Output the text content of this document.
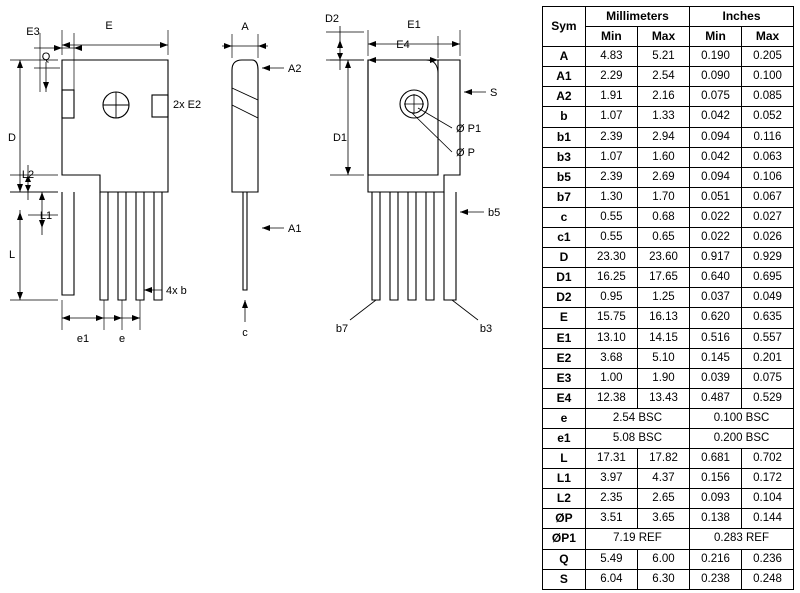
E
E3
Q
2x E2
D
L2
L1
L
4x b
e1	e
A
A2
A1
c
D2	E1
E4
S
D1
Ø P1
Ø P
b5
b7	b3
Sym	Millimeters		Inches	
	Min	Max	Min	Max
A	4.83	5.21	0.190	0.205
A1	2.29	2.54	0.090	0.100
A2	1.91	2.16	0.075	0.085
b	1.07	1.33	0.042	0.052
b1	2.39	2.94	0.094	0.116
b3	1.07	1.60	0.042	0.063
b5	2.39	2.69	0.094	0.106
b7	1.30	1.70	0.051	0.067
c	0.55	0.68	0.022	0.027
c1	0.55	0.65	0.022	0.026
D	23.30	23.60	0.917	0.929
D1	16.25	17.65	0.640	0.695
D2	0.95	1.25	0.037	0.049
E	15.75	16.13	0.620	0.635
E1	13.10	14.15	0.516	0.557
E2	3.68	5.10	0.145	0.201
E3	1.00	1.90	0.039	0.075
E4	12.38	13.43	0.487	0.529
e	2.54 BSC		0.100 BSC	
e1	5.08 BSC		0.200 BSC	
L	17.31	17.82	0.681	0.702
L1	3.97	4.37	0.156	0.172
L2	2.35	2.65	0.093	0.104
ØP	3.51	3.65	0.138	0.144
ØP1	7.19 REF		0.283 REF	
Q	5.49	6.00	0.216	0.236
S	6.04	6.30	0.238	0.248
